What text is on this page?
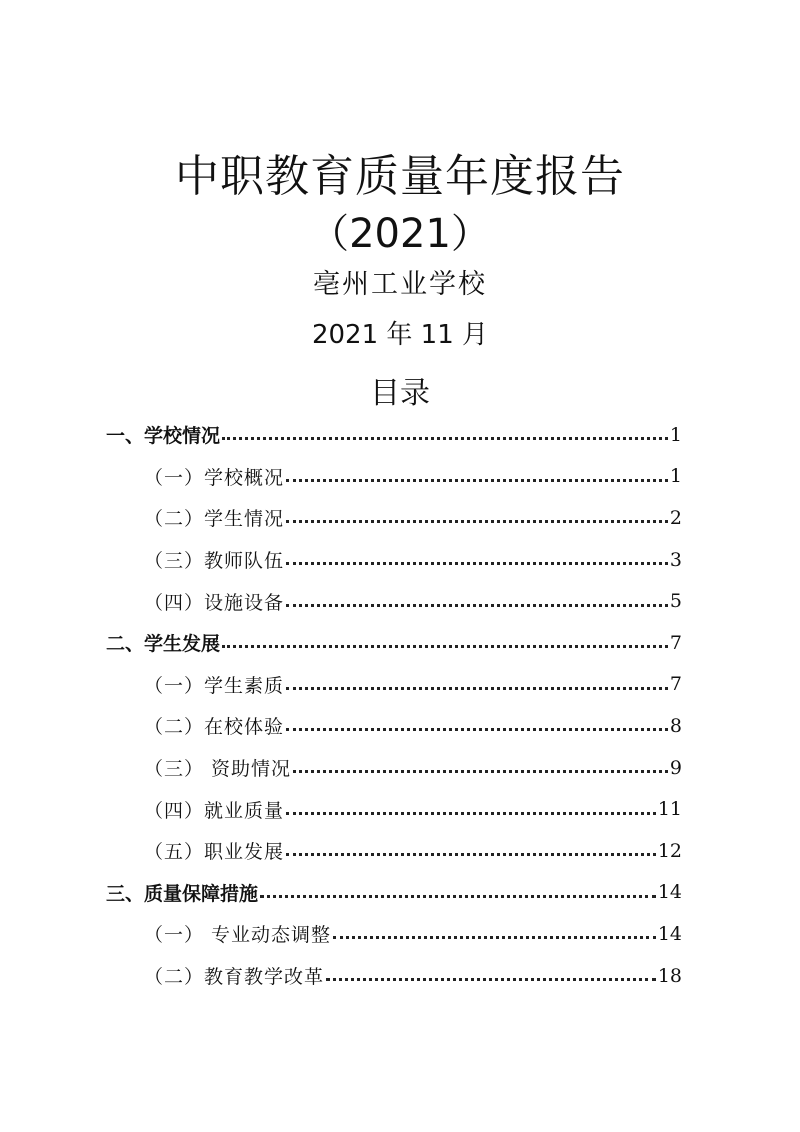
中职教育质量年度报告
（2021）
亳州工业学校
2021 年 11 月
目录
一、学校情况	1
（一）学校概况	1
（二）学生情况	2
（三）教师队伍	3
（四）设施设备	5
二、学生发展	7
（一）学生素质	7
（二）在校体验	8
（三） 资助情况	9
（四）就业质量	11
（五）职业发展	12
三、质量保障措施	14
（一） 专业动态调整	14
（二）教育教学改革	18
